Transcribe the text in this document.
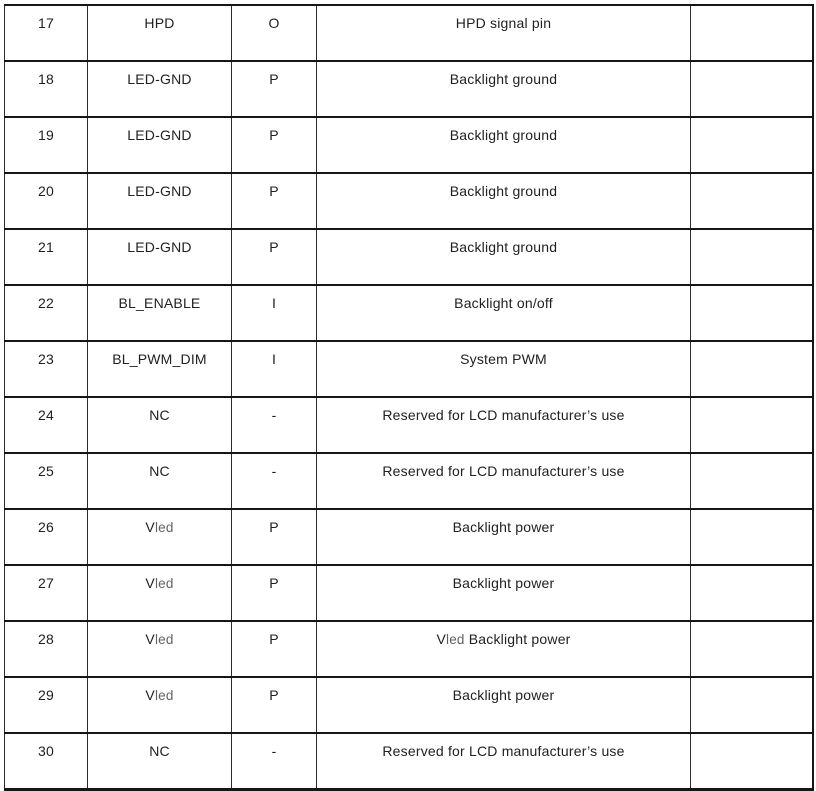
17	HPD	O	HPD signal pin	
18	LED-GND	P	Backlight ground	
19	LED-GND	P	Backlight ground	
20	LED-GND	P	Backlight ground	
21	LED-GND	P	Backlight ground	
22	BL_ENABLE	I	Backlight on/off	
23	BL_PWM_DIM	I	System PWM	
24	NC	-	Reserved for LCD manufacturer’s use	
25	NC	-	Reserved for LCD manufacturer’s use	
26	Vled	P	Backlight power	
27	Vled	P	Backlight power	
28	Vled	P	Vled Backlight power	
29	Vled	P	Backlight power	
30	NC	-	Reserved for LCD manufacturer’s use	
